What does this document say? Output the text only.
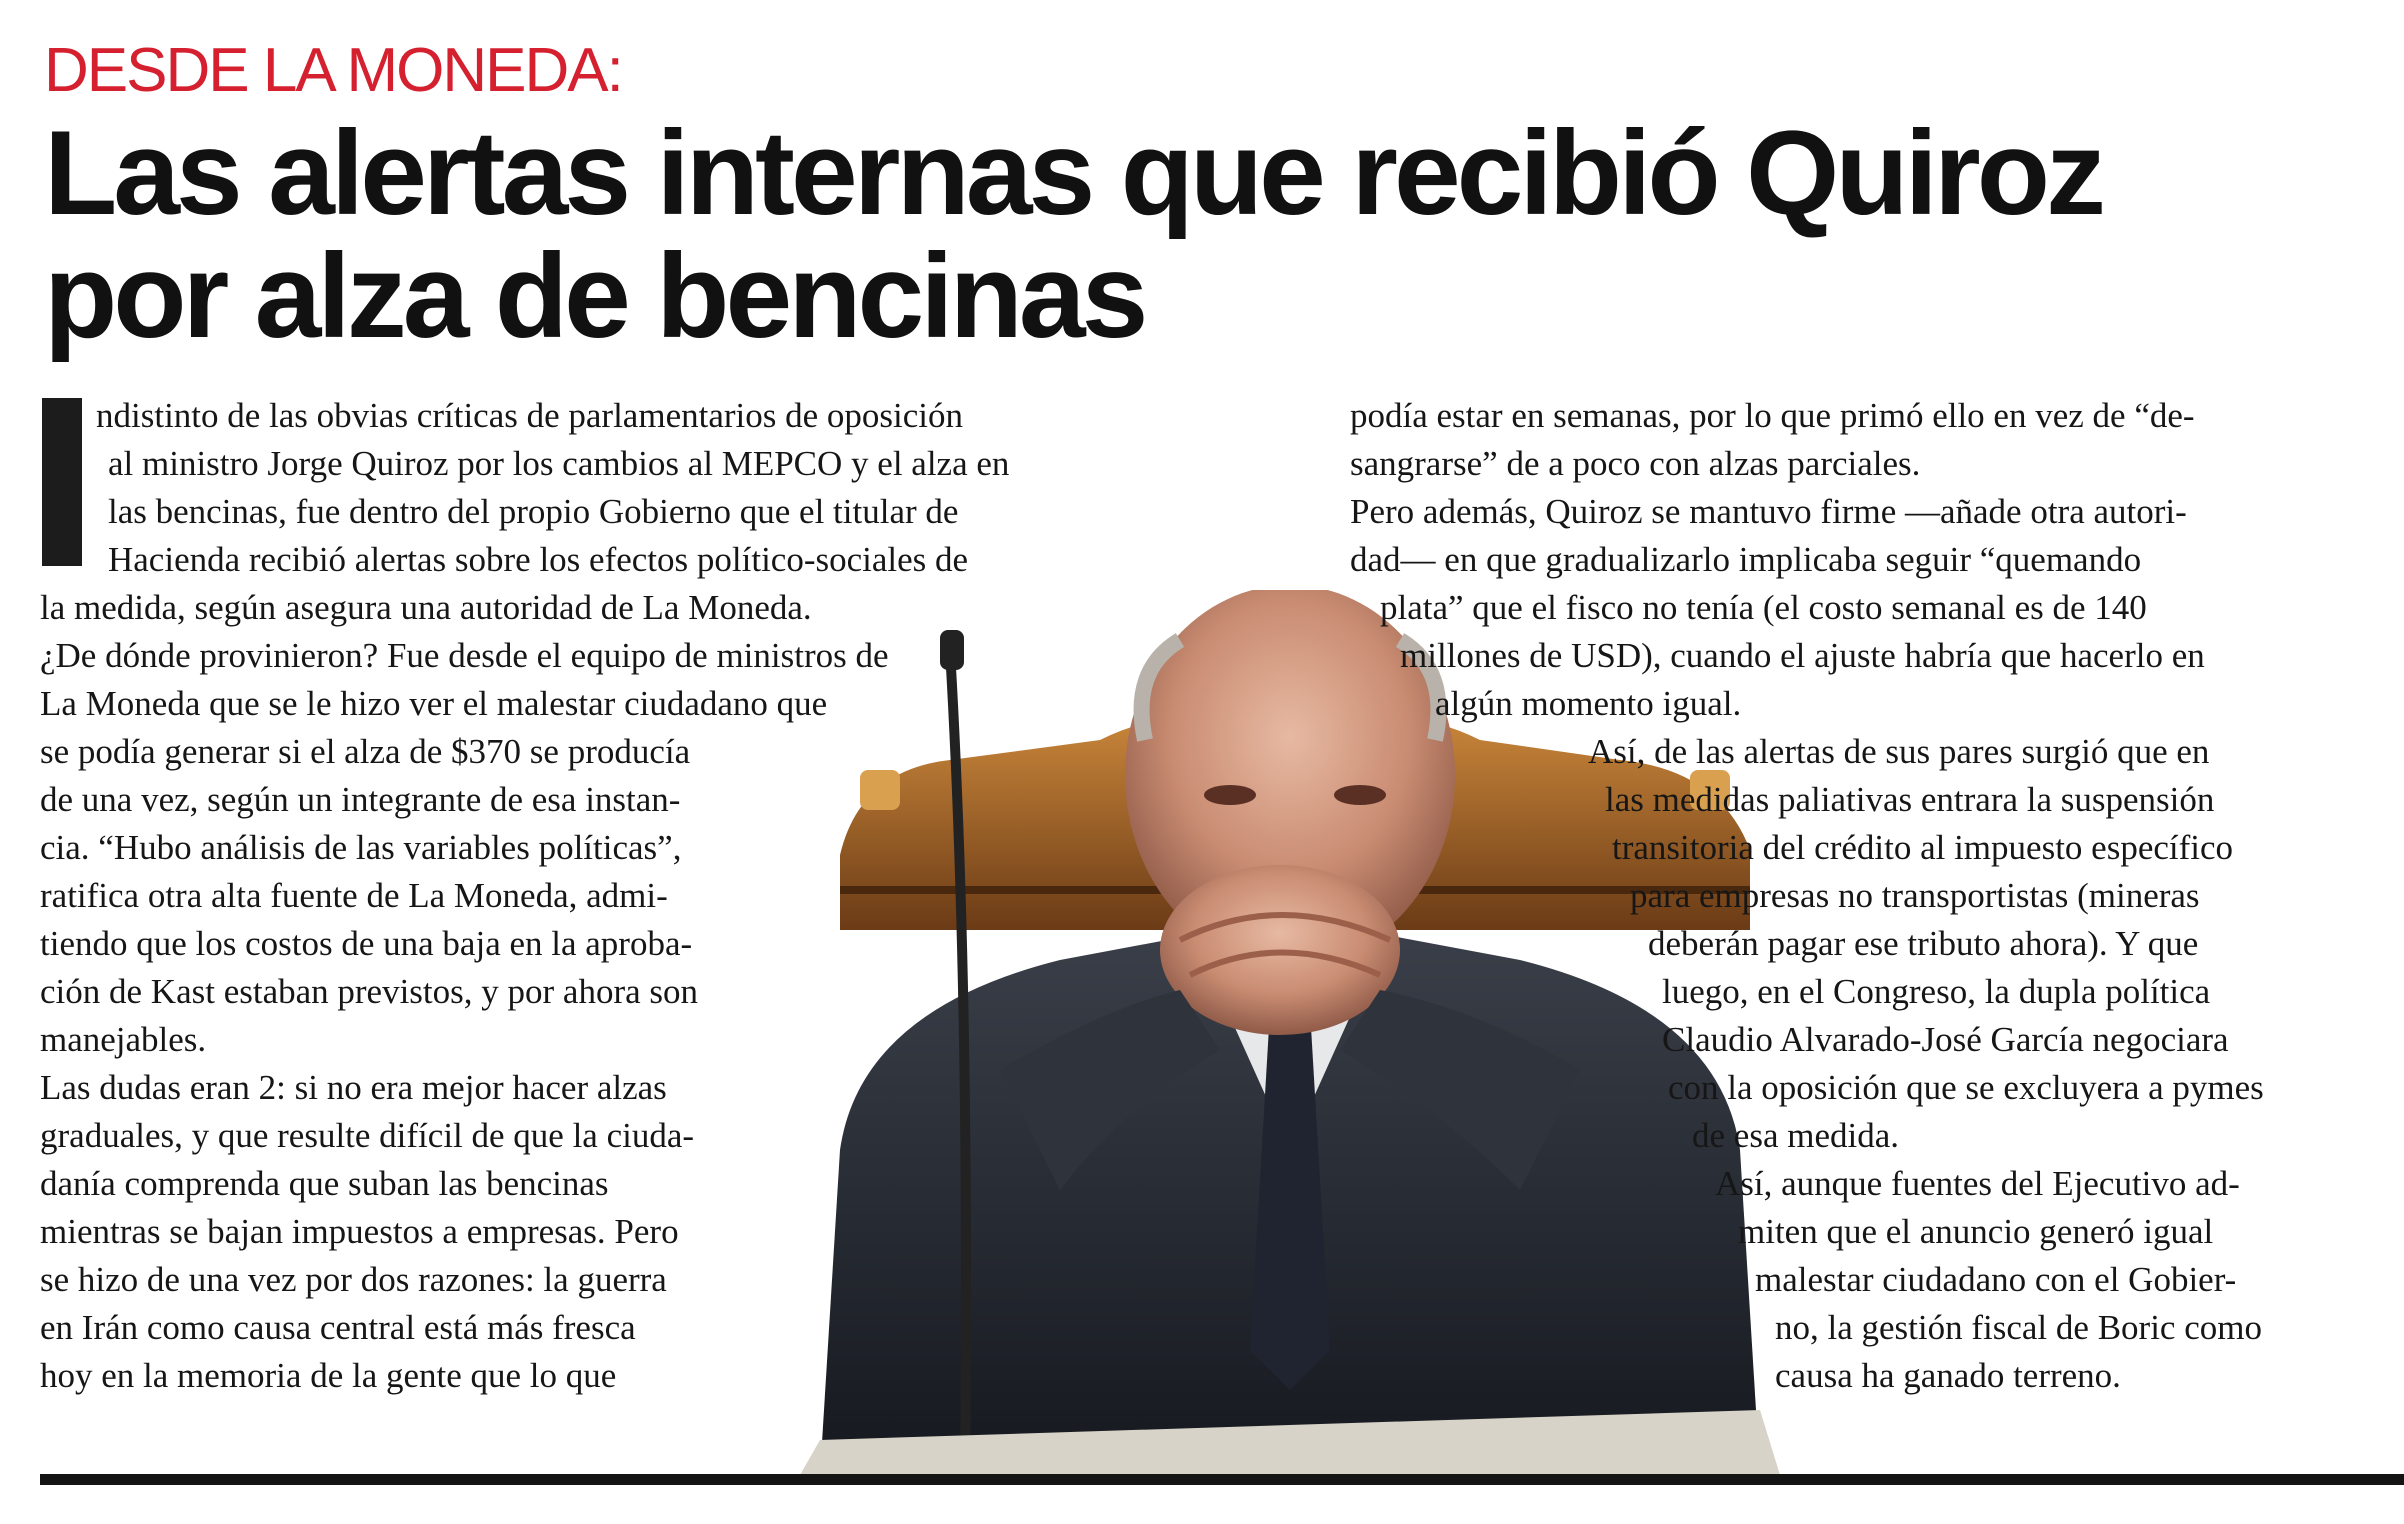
DESDE LA MONEDA:
Las alertas internas que recibió Quiroz
por alza de bencinas
ndistinto de las obvias críticas de parlamentarios de oposición
al ministro Jorge Quiroz por los cambios al MEPCO y el alza en
las bencinas, fue dentro del propio Gobierno que el titular de
Hacienda recibió alertas sobre los efectos político-sociales de
la medida, según asegura una autoridad de La Moneda.
¿De dónde provinieron? Fue desde el equipo de ministros de
La Moneda que se le hizo ver el malestar ciudadano que
se podía generar si el alza de $370 se producía
de una vez, según un integrante de esa instan-
cia. “Hubo análisis de las variables políticas”,
ratifica otra alta fuente de La Moneda, admi-
tiendo que los costos de una baja en la aproba-
ción de Kast estaban previstos, y por ahora son
manejables.
Las dudas eran 2: si no era mejor hacer alzas
graduales, y que resulte difícil de que la ciuda-
danía comprenda que suban las bencinas
mientras se bajan impuestos a empresas. Pero
se hizo de una vez por dos razones: la guerra
en Irán como causa central está más fresca
hoy en la memoria de la gente que lo que
podía estar en semanas, por lo que primó ello en vez de “de-
sangrarse” de a poco con alzas parciales.
Pero además, Quiroz se mantuvo firme —añade otra autori-
dad— en que gradualizarlo implicaba seguir “quemando
plata” que el fisco no tenía (el costo semanal es de 140
millones de USD), cuando el ajuste habría que hacerlo en
algún momento igual.
Así, de las alertas de sus pares surgió que en
las medidas paliativas entrara la suspensión
transitoria del crédito al impuesto específico
para empresas no transportistas (mineras
deberán pagar ese tributo ahora). Y que
luego, en el Congreso, la dupla política
Claudio Alvarado-José García negociara
con la oposición que se excluyera a pymes
de esa medida.
Así, aunque fuentes del Ejecutivo ad-
miten que el anuncio generó igual
malestar ciudadano con el Gobier-
no, la gestión fiscal de Boric como
causa ha ganado terreno.
